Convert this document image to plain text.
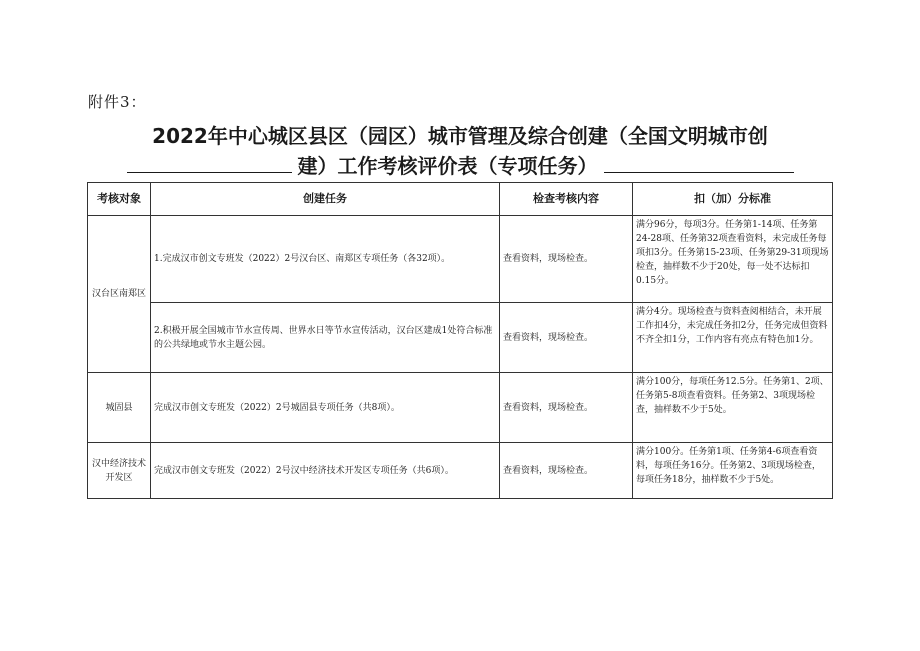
附件3：
2022年中心城区县区（园区）城市管理及综合创建（全国文明城市创
建）工作考核评价表（专项任务）
考核对象	创建任务	检查考核内容	扣（加）分标准
汉台区南郑区	1.完成汉市创文专班发（2022）2号汉台区、南郑区专项任务（各32项）。	查看资料，现场检查。	满分96分，每项3分。任务第1-14项、任务第24-28项、任务第32项查看资料，未完成任务每项扣3分。任务第15-23项、任务第29-31项现场检查，抽样数不少于20处，每一处不达标扣0.15分。
	2.积极开展全国城市节水宣传周、世界水日等节水宣传活动，汉台区建成1处符合标准的公共绿地或节水主题公园。	查看资料，现场检查。	满分4分。现场检查与资料查阅相结合，未开展工作扣4分，未完成任务扣2分，任务完成但资料不齐全扣1分，工作内容有亮点有特色加1分。
城固县	完成汉市创文专班发（2022）2号城固县专项任务（共8项）。	查看资料，现场检查。	满分100分，每项任务12.5分。任务第1、2项、任务第5-8项查看资料。任务第2、3项现场检查，抽样数不少于5处。
汉中经济技术开发区	完成汉市创文专班发（2022）2号汉中经济技术开发区专项任务（共6项）。	查看资料，现场检查。	满分100分。任务第1项、任务第4-6项查看资料，每项任务16分。任务第2、3项现场检查，每项任务18分，抽样数不少于5处。
